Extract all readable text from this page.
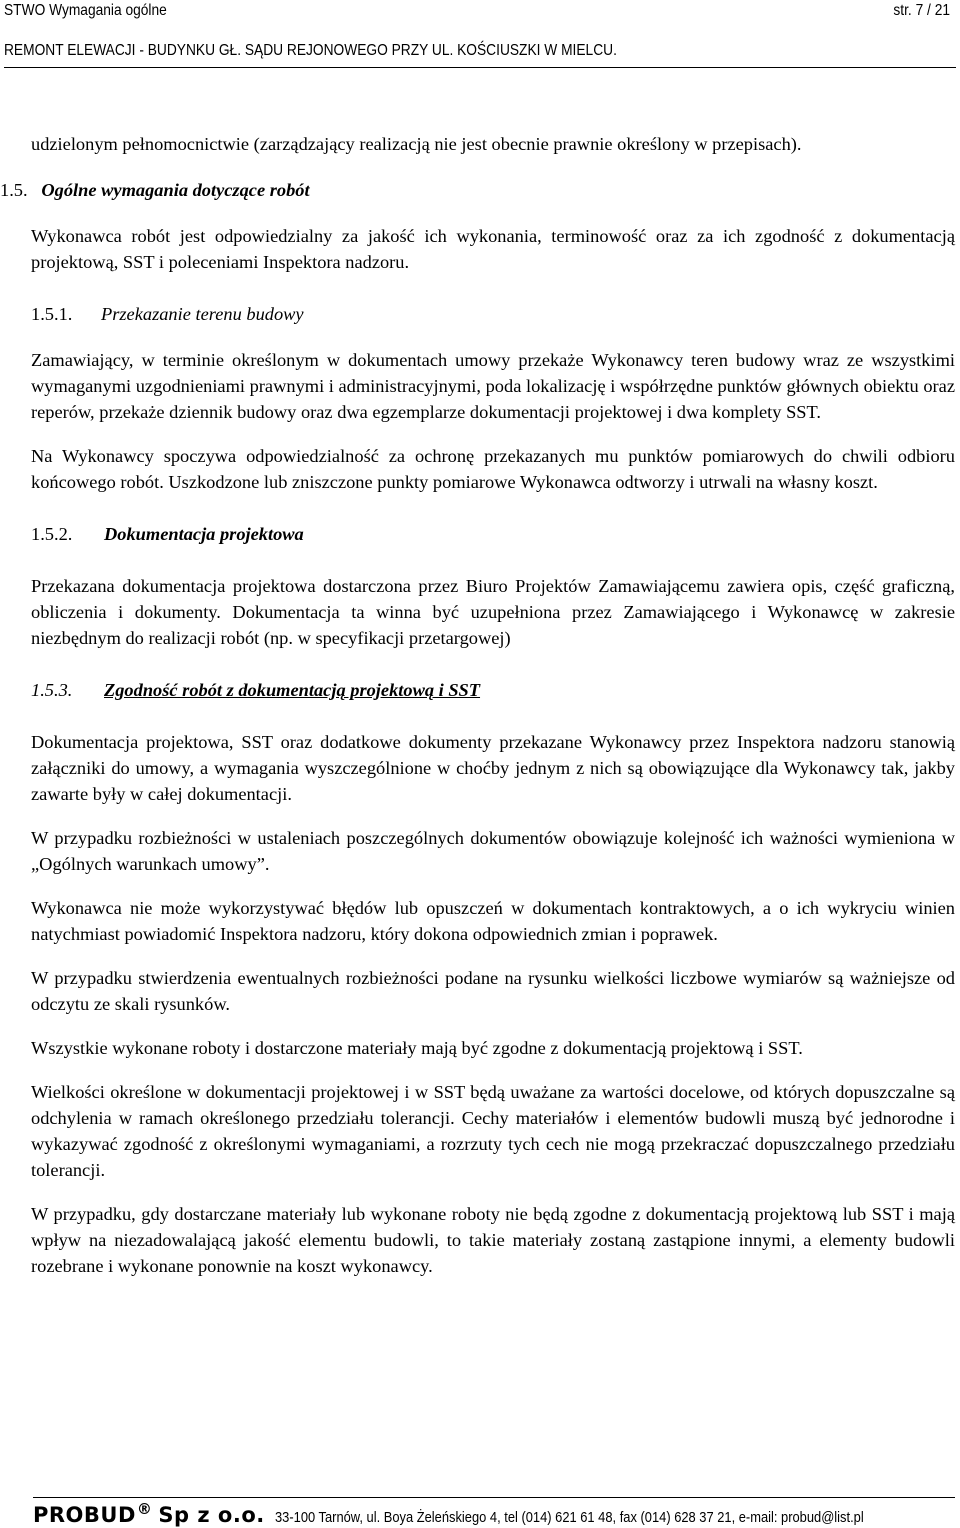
STWO Wymagania ogólne	str. 7 / 21
REMONT ELEWACJI - BUDYNKU GŁ. SĄDU REJONOWEGO PRZY UL. KOŚCIUSZKI W MIELCU.

udzielonym pełnomocnictwie (zarządzający realizacją nie jest obecnie prawnie określony w przepisach).

1.5. Ogólne wymagania dotyczące robót

Wykonawca robót jest odpowiedzialny za jakość ich wykonania, terminowość oraz za ich zgodność z dokumentacją projektową, SST i poleceniami Inspektora nadzoru.

1.5.1. Przekazanie terenu budowy

Zamawiający, w terminie określonym w dokumentach umowy przekaże Wykonawcy teren budowy wraz ze wszystkimi wymaganymi uzgodnieniami prawnymi i administracyjnymi, poda lokalizację i współrzędne punktów głównych obiektu oraz reperów, przekaże dziennik budowy oraz dwa egzemplarze dokumentacji projektowej i dwa komplety SST.

Na Wykonawcy spoczywa odpowiedzialność za ochronę przekazanych mu punktów pomiarowych do chwili odbioru końcowego robót. Uszkodzone lub zniszczone punkty pomiarowe Wykonawca odtworzy i utrwali na własny koszt.

1.5.2. Dokumentacja projektowa

Przekazana dokumentacja projektowa dostarczona przez Biuro Projektów Zamawiającemu zawiera opis, część graficzną, obliczenia i dokumenty. Dokumentacja ta winna być uzupełniona przez Zamawiającego i Wykonawcę w zakresie niezbędnym do realizacji robót (np. w specyfikacji przetargowej)

1.5.3. Zgodność robót z dokumentacją projektową i SST

Dokumentacja projektowa, SST oraz dodatkowe dokumenty przekazane Wykonawcy przez Inspektora nadzoru stanowią załączniki do umowy, a wymagania wyszczególnione w choćby jednym z nich są obowiązujące dla Wykonawcy tak, jakby zawarte były w całej dokumentacji.

W przypadku rozbieżności w ustaleniach poszczególnych dokumentów obowiązuje kolejność ich ważności wymieniona w „Ogólnych warunkach umowy”.

Wykonawca nie może wykorzystywać błędów lub opuszczeń w dokumentach kontraktowych, a o ich wykryciu winien natychmiast powiadomić Inspektora nadzoru, który dokona odpowiednich zmian i poprawek.

W przypadku stwierdzenia ewentualnych rozbieżności podane na rysunku wielkości liczbowe wymiarów są ważniejsze od odczytu ze skali rysunków.

Wszystkie wykonane roboty i dostarczone materiały mają być zgodne z dokumentacją projektową i SST.

Wielkości określone w dokumentacji projektowej i w SST będą uważane za wartości docelowe, od których dopuszczalne są odchylenia w ramach określonego przedziału tolerancji. Cechy materiałów i elementów budowli muszą być jednorodne i wykazywać zgodność z określonymi wymaganiami, a rozrzuty tych cech nie mogą przekraczać dopuszczalnego przedziału tolerancji.

W przypadku, gdy dostarczane materiały lub wykonane roboty nie będą zgodne z dokumentacją projektową lub SST i mają wpływ na niezadowalającą jakość elementu budowli, to takie materiały zostaną zastąpione innymi, a elementy budowli rozebrane i wykonane ponownie na koszt wykonawcy.

PROBUD® Sp z o.o. 33-100 Tarnów, ul. Boya Żeleńskiego 4, tel (014) 621 61 48, fax (014) 628 37 21, e-mail: probud@list.pl
